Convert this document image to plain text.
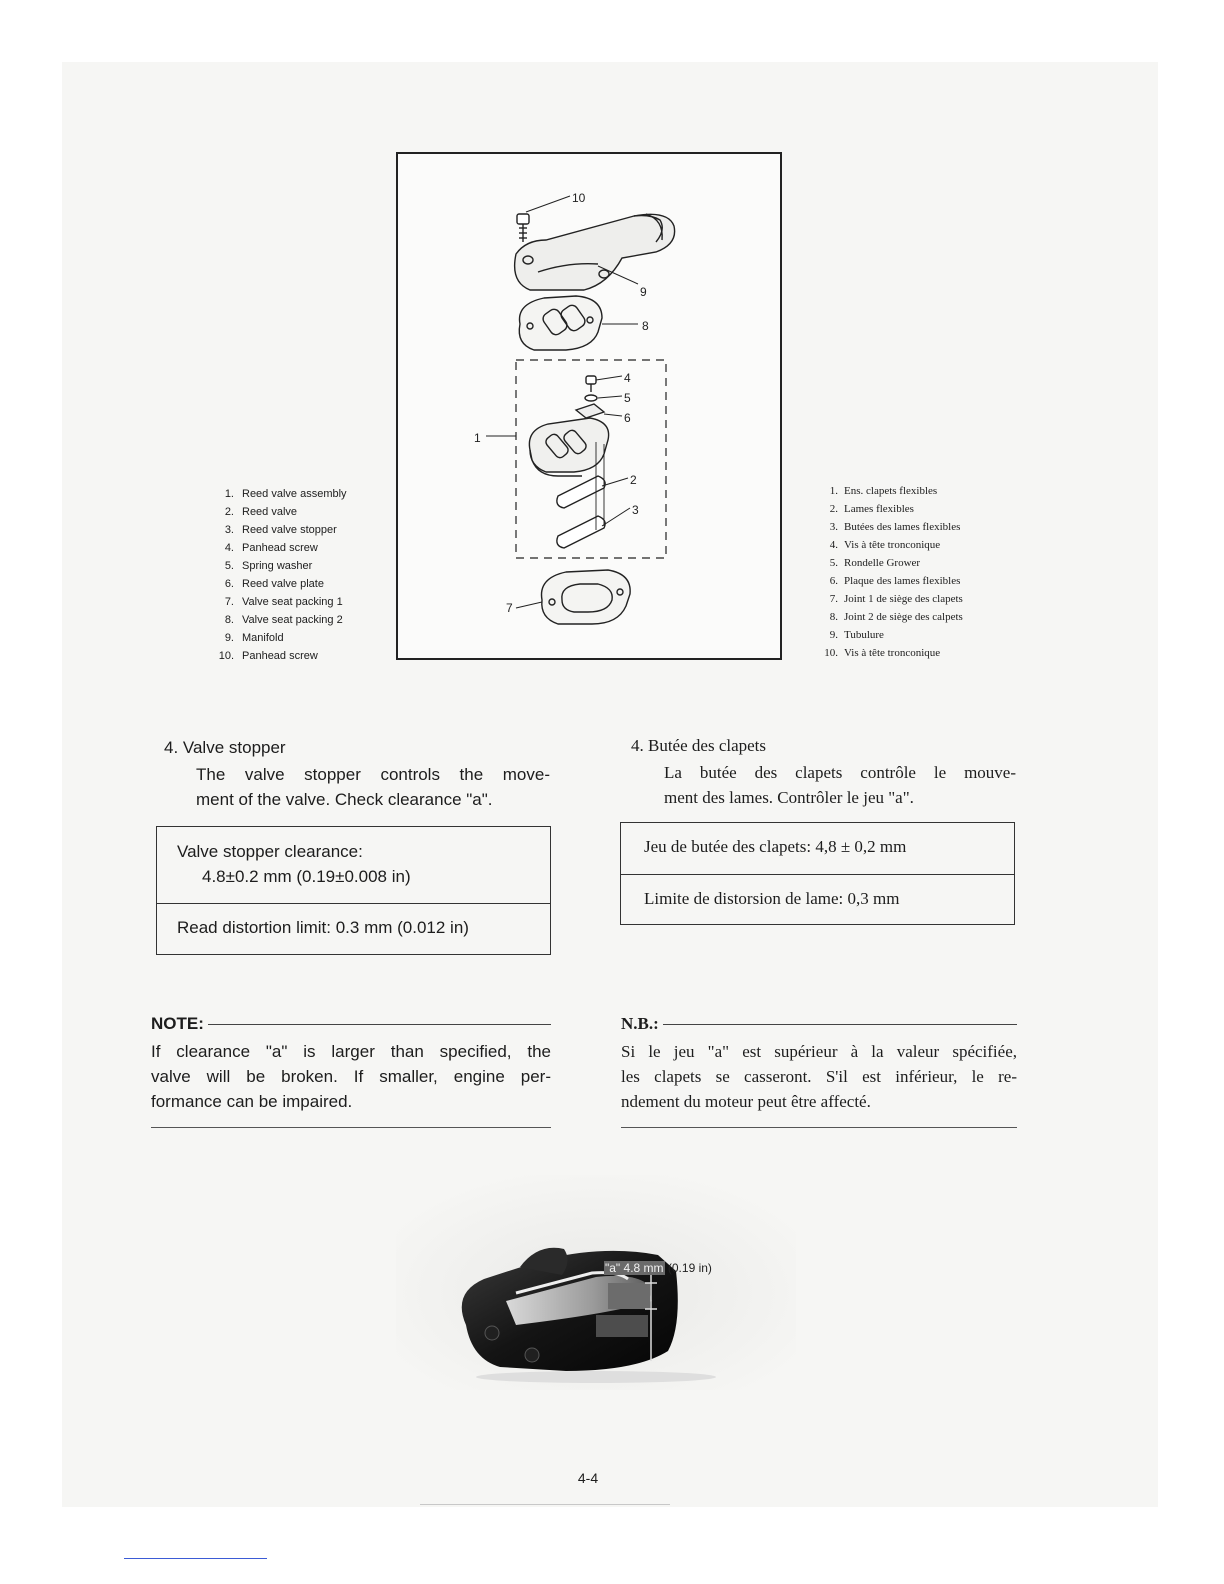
10
9
8
4
5
6
1
2
3
7
1. Reed valve assembly
2. Reed valve
3. Reed valve stopper
4. Panhead screw
5. Spring washer
6. Reed valve plate
7. Valve seat packing 1
8. Valve seat packing 2
9. Manifold
10. Panhead screw
1. Ens. clapets flexibles
2. Lames flexibles
3. Butées des lames flexibles
4. Vis à tête tronconique
5. Rondelle Grower
6. Plaque des lames flexibles
7. Joint 1 de siège des clapets
8. Joint 2 de siège des calpets
9. Tubulure
10. Vis à tête tronconique
4. Valve stopper
The valve stopper controls the move-
ment of the valve. Check clearance "a".
4. Butée des clapets
La butée des clapets contrôle le mouve-
ment des lames. Contrôler le jeu "a".
Valve stopper clearance:
4.8±0.2 mm (0.19±0.008 in)
Read distortion limit: 0.3 mm (0.012 in)
Jeu de butée des clapets: 4,8 ± 0,2 mm
Limite de distorsion de lame: 0,3 mm
NOTE:
If clearance "a" is larger than specified, the
valve will be broken. If smaller, engine per-
formance can be impaired.
N.B.:
Si le jeu "a" est supérieur à la valeur spécifiée,
les clapets se casseront. S'il est inférieur, le re-
ndement du moteur peut être affecté.
"a" 4.8 mm (0.19 in)
4-4
